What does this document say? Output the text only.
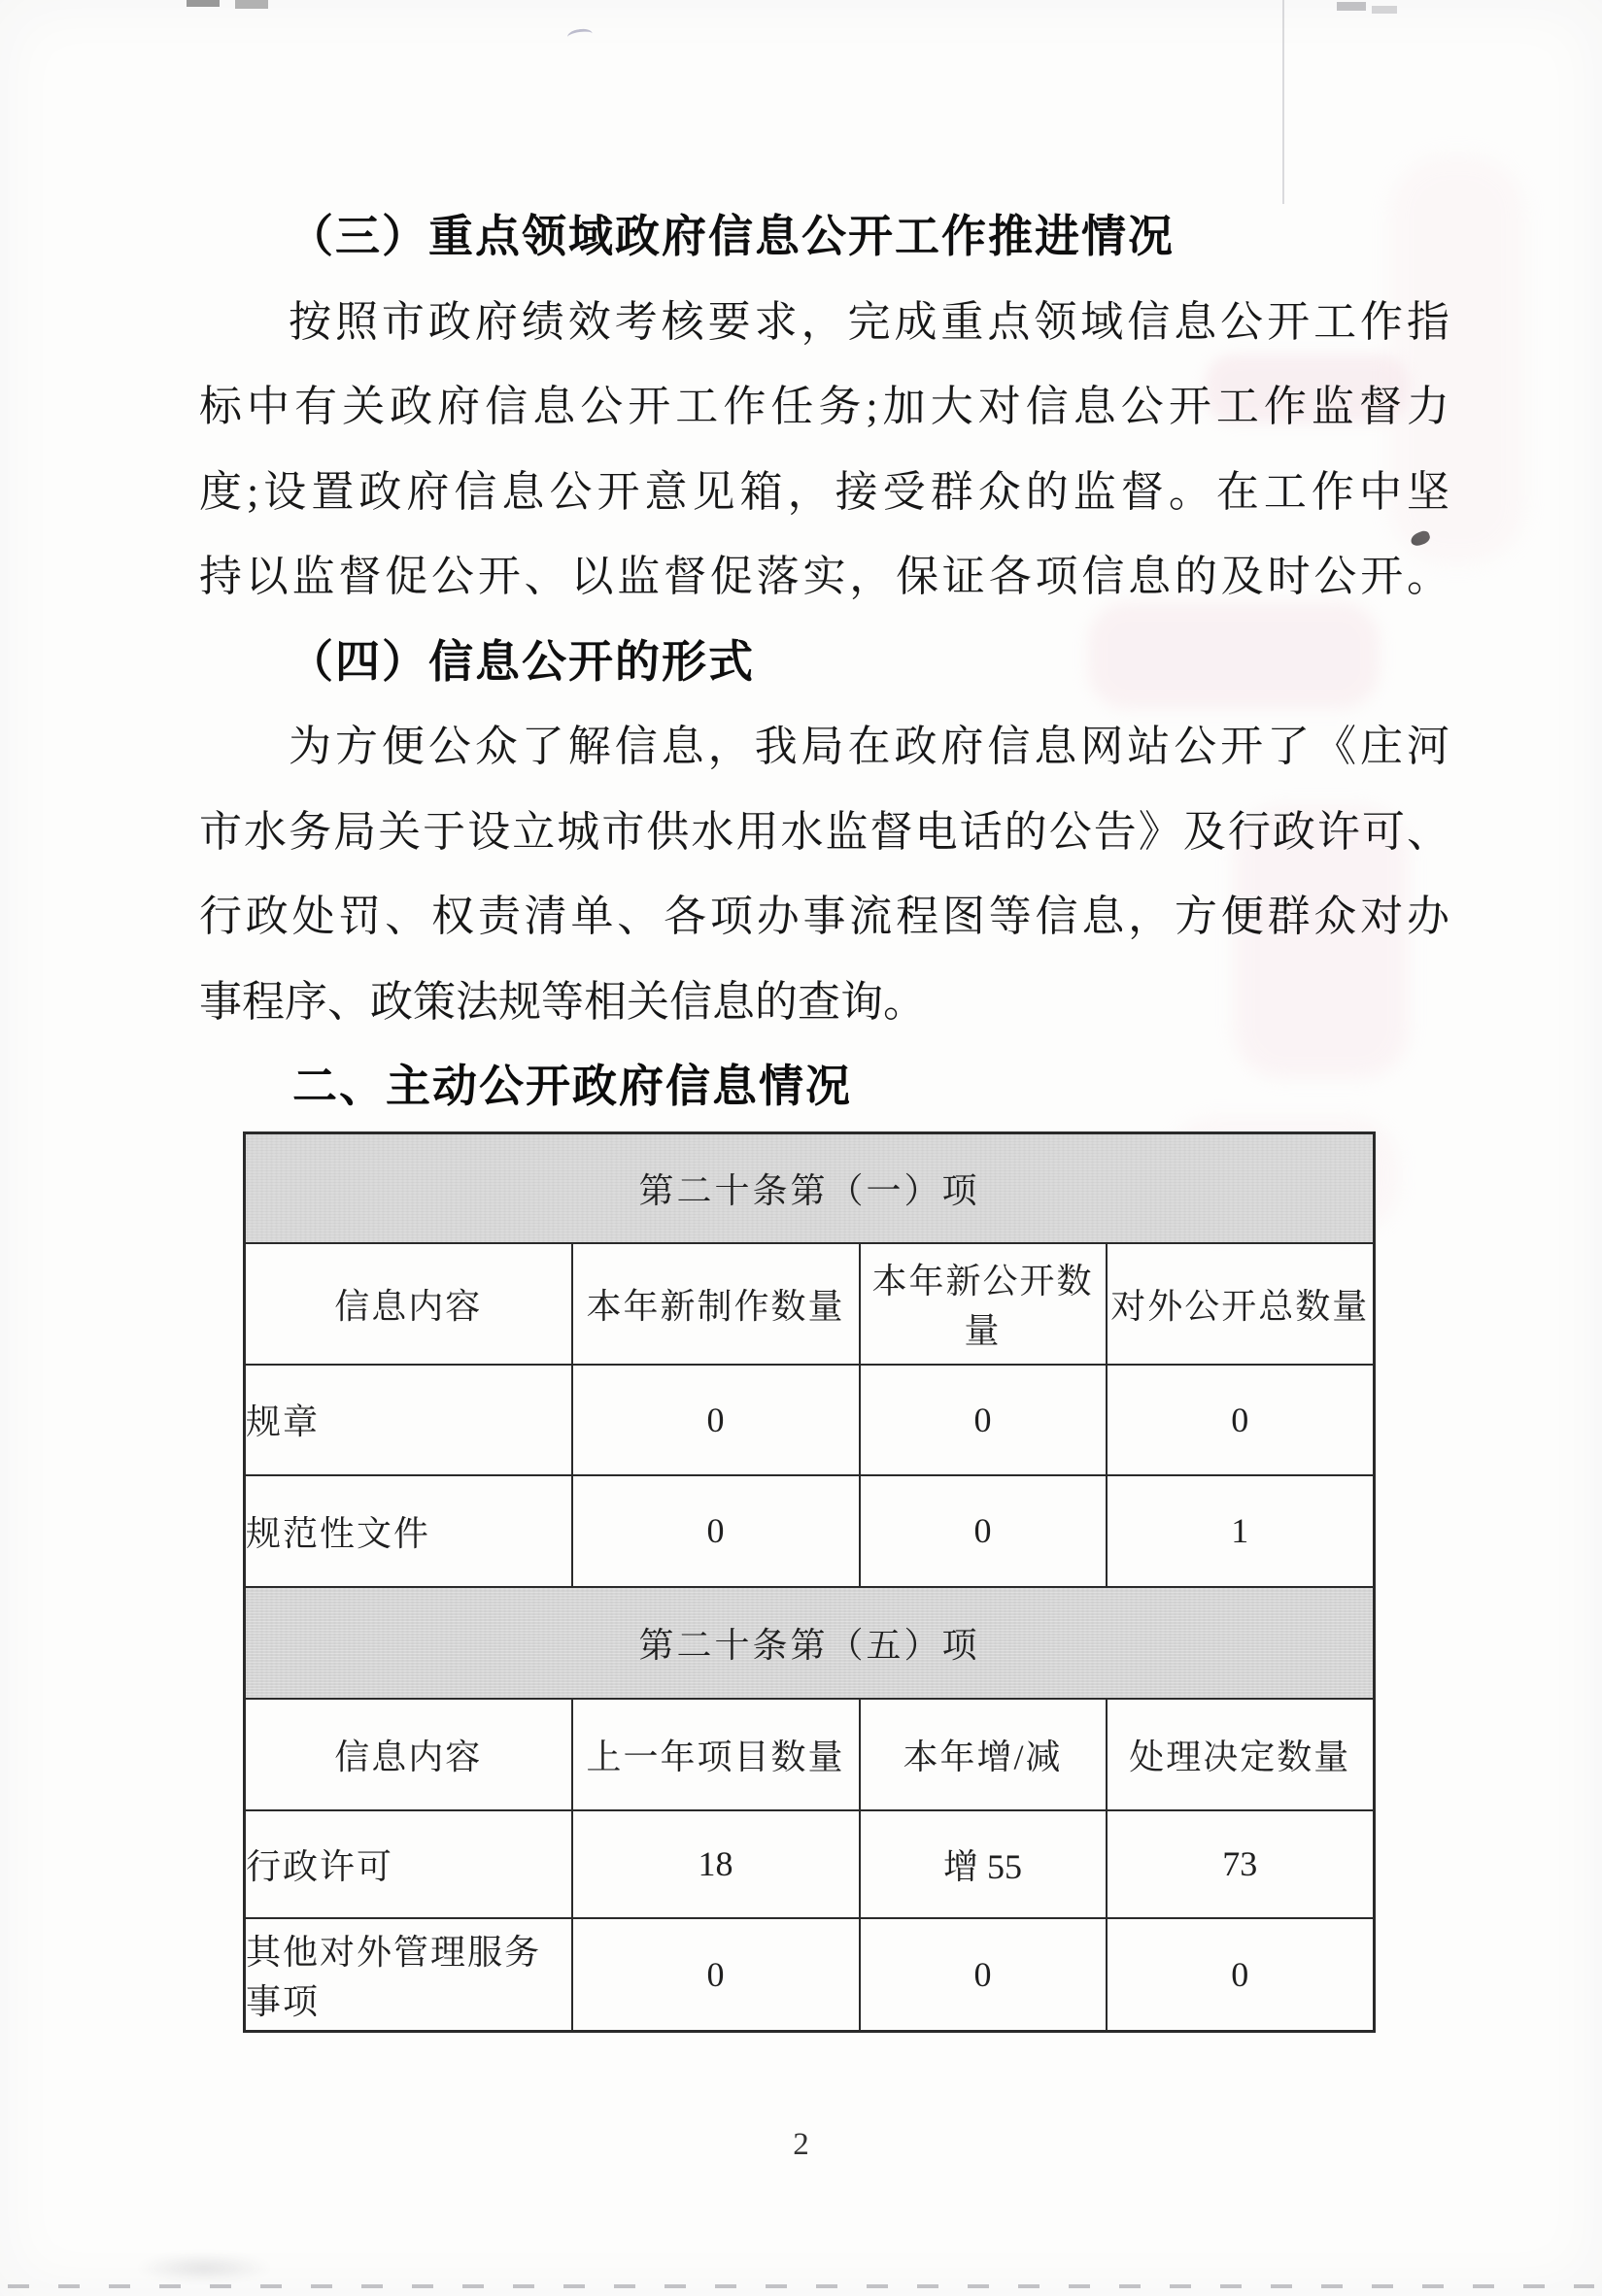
（三）重点领域政府信息公开工作推进情况
按照市政府绩效考核要求，完成重点领域信息公开工作指
标中有关政府信息公开工作任务;加大对信息公开工作监督力
度;设置政府信息公开意见箱，接受群众的监督。在工作中坚
持以监督促公开、以监督促落实，保证各项信息的及时公开。
（四）信息公开的形式
为方便公众了解信息，我局在政府信息网站公开了《庄河
市水务局关于设立城市供水用水监督电话的公告》及行政许可、
行政处罚、权责清单、各项办事流程图等信息，方便群众对办
事程序、政策法规等相关信息的查询。
二、主动公开政府信息情况
第二十条第（一）项			
信息内容	本年新制作数量	本年新公开数量	对外公开总数量
规章	0	0	0
规范性文件	0	0	1
第二十条第（五）项			
信息内容	上一年项目数量	本年增/减	处理决定数量
行政许可	18	增 55	73
其他对外管理服务事项	0	0	0
2
